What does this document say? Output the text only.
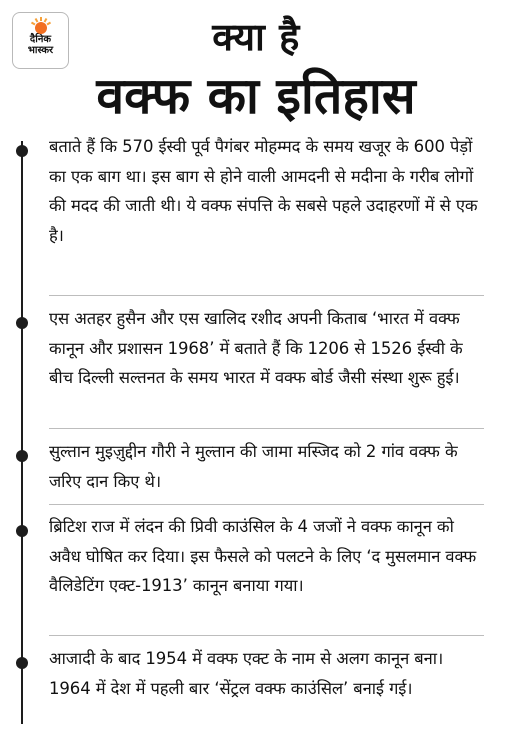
दैनिक
भास्कर	क्या है
वक्फ का इतिहास

बताते हैं कि 570 ईस्वी पूर्व पैगंबर मोहम्मद के समय खजूर के 600 पेड़ों का एक बाग था। इस बाग से होने वाली आमदनी से मदीना के गरीब लोगों की मदद की जाती थी। ये वक्फ संपत्ति के सबसे पहले उदाहरणों में से एक है।

एस अतहर हुसैन और एस खालिद रशीद अपनी किताब ‘भारत में वक्फ कानून और प्रशासन 1968’ में बताते हैं कि 1206 से 1526 ईस्वी के बीच दिल्ली सल्तनत के समय भारत में वक्फ बोर्ड जैसी संस्था शुरू हुई।

सुल्तान मुइज़ुद्दीन गौरी ने मुल्तान की जामा मस्जिद को 2 गांव वक्फ के जरिए दान किए थे।

ब्रिटिश राज में लंदन की प्रिवी काउंसिल के 4 जजों ने वक्फ कानून को अवैध घोषित कर दिया। इस फैसले को पलटने के लिए ‘द मुसलमान वक्फ वैलिडेटिंग एक्ट-1913’ कानून बनाया गया।

आजादी के बाद 1954 में वक्फ एक्ट के नाम से अलग कानून बना। 1964 में देश में पहली बार ‘सेंट्रल वक्फ काउंसिल’ बनाई गई।
